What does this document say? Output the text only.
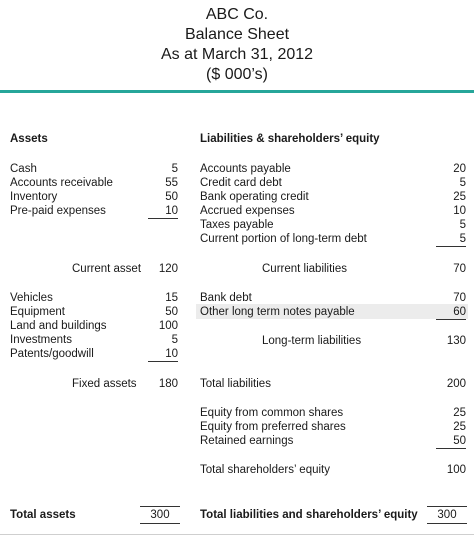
ABC Co.
Balance Sheet
As at March 31, 2012
($ 000’s)
Assets
Cash	5
Accounts receivable	55
Inventory	50
Pre-paid expenses	10
Current asset	120
Vehicles	15
Equipment	50
Land and buildings	100
Investments	5
Patents/goodwill	10
Fixed assets	180
Total assets	300
Liabilities & shareholders’ equity
Accounts payable	20
Credit card debt	5
Bank operating credit	25
Accrued expenses	10
Taxes payable	5
Current portion of long-term debt	5
Current liabilities	70
Bank debt	70
Other long term notes payable	60
Long-term liabilities	130
Total liabilities	200
Equity from common shares	25
Equity from preferred shares	25
Retained earnings	50
Total shareholders’ equity	100
Total liabilities and shareholders’ equity	300
